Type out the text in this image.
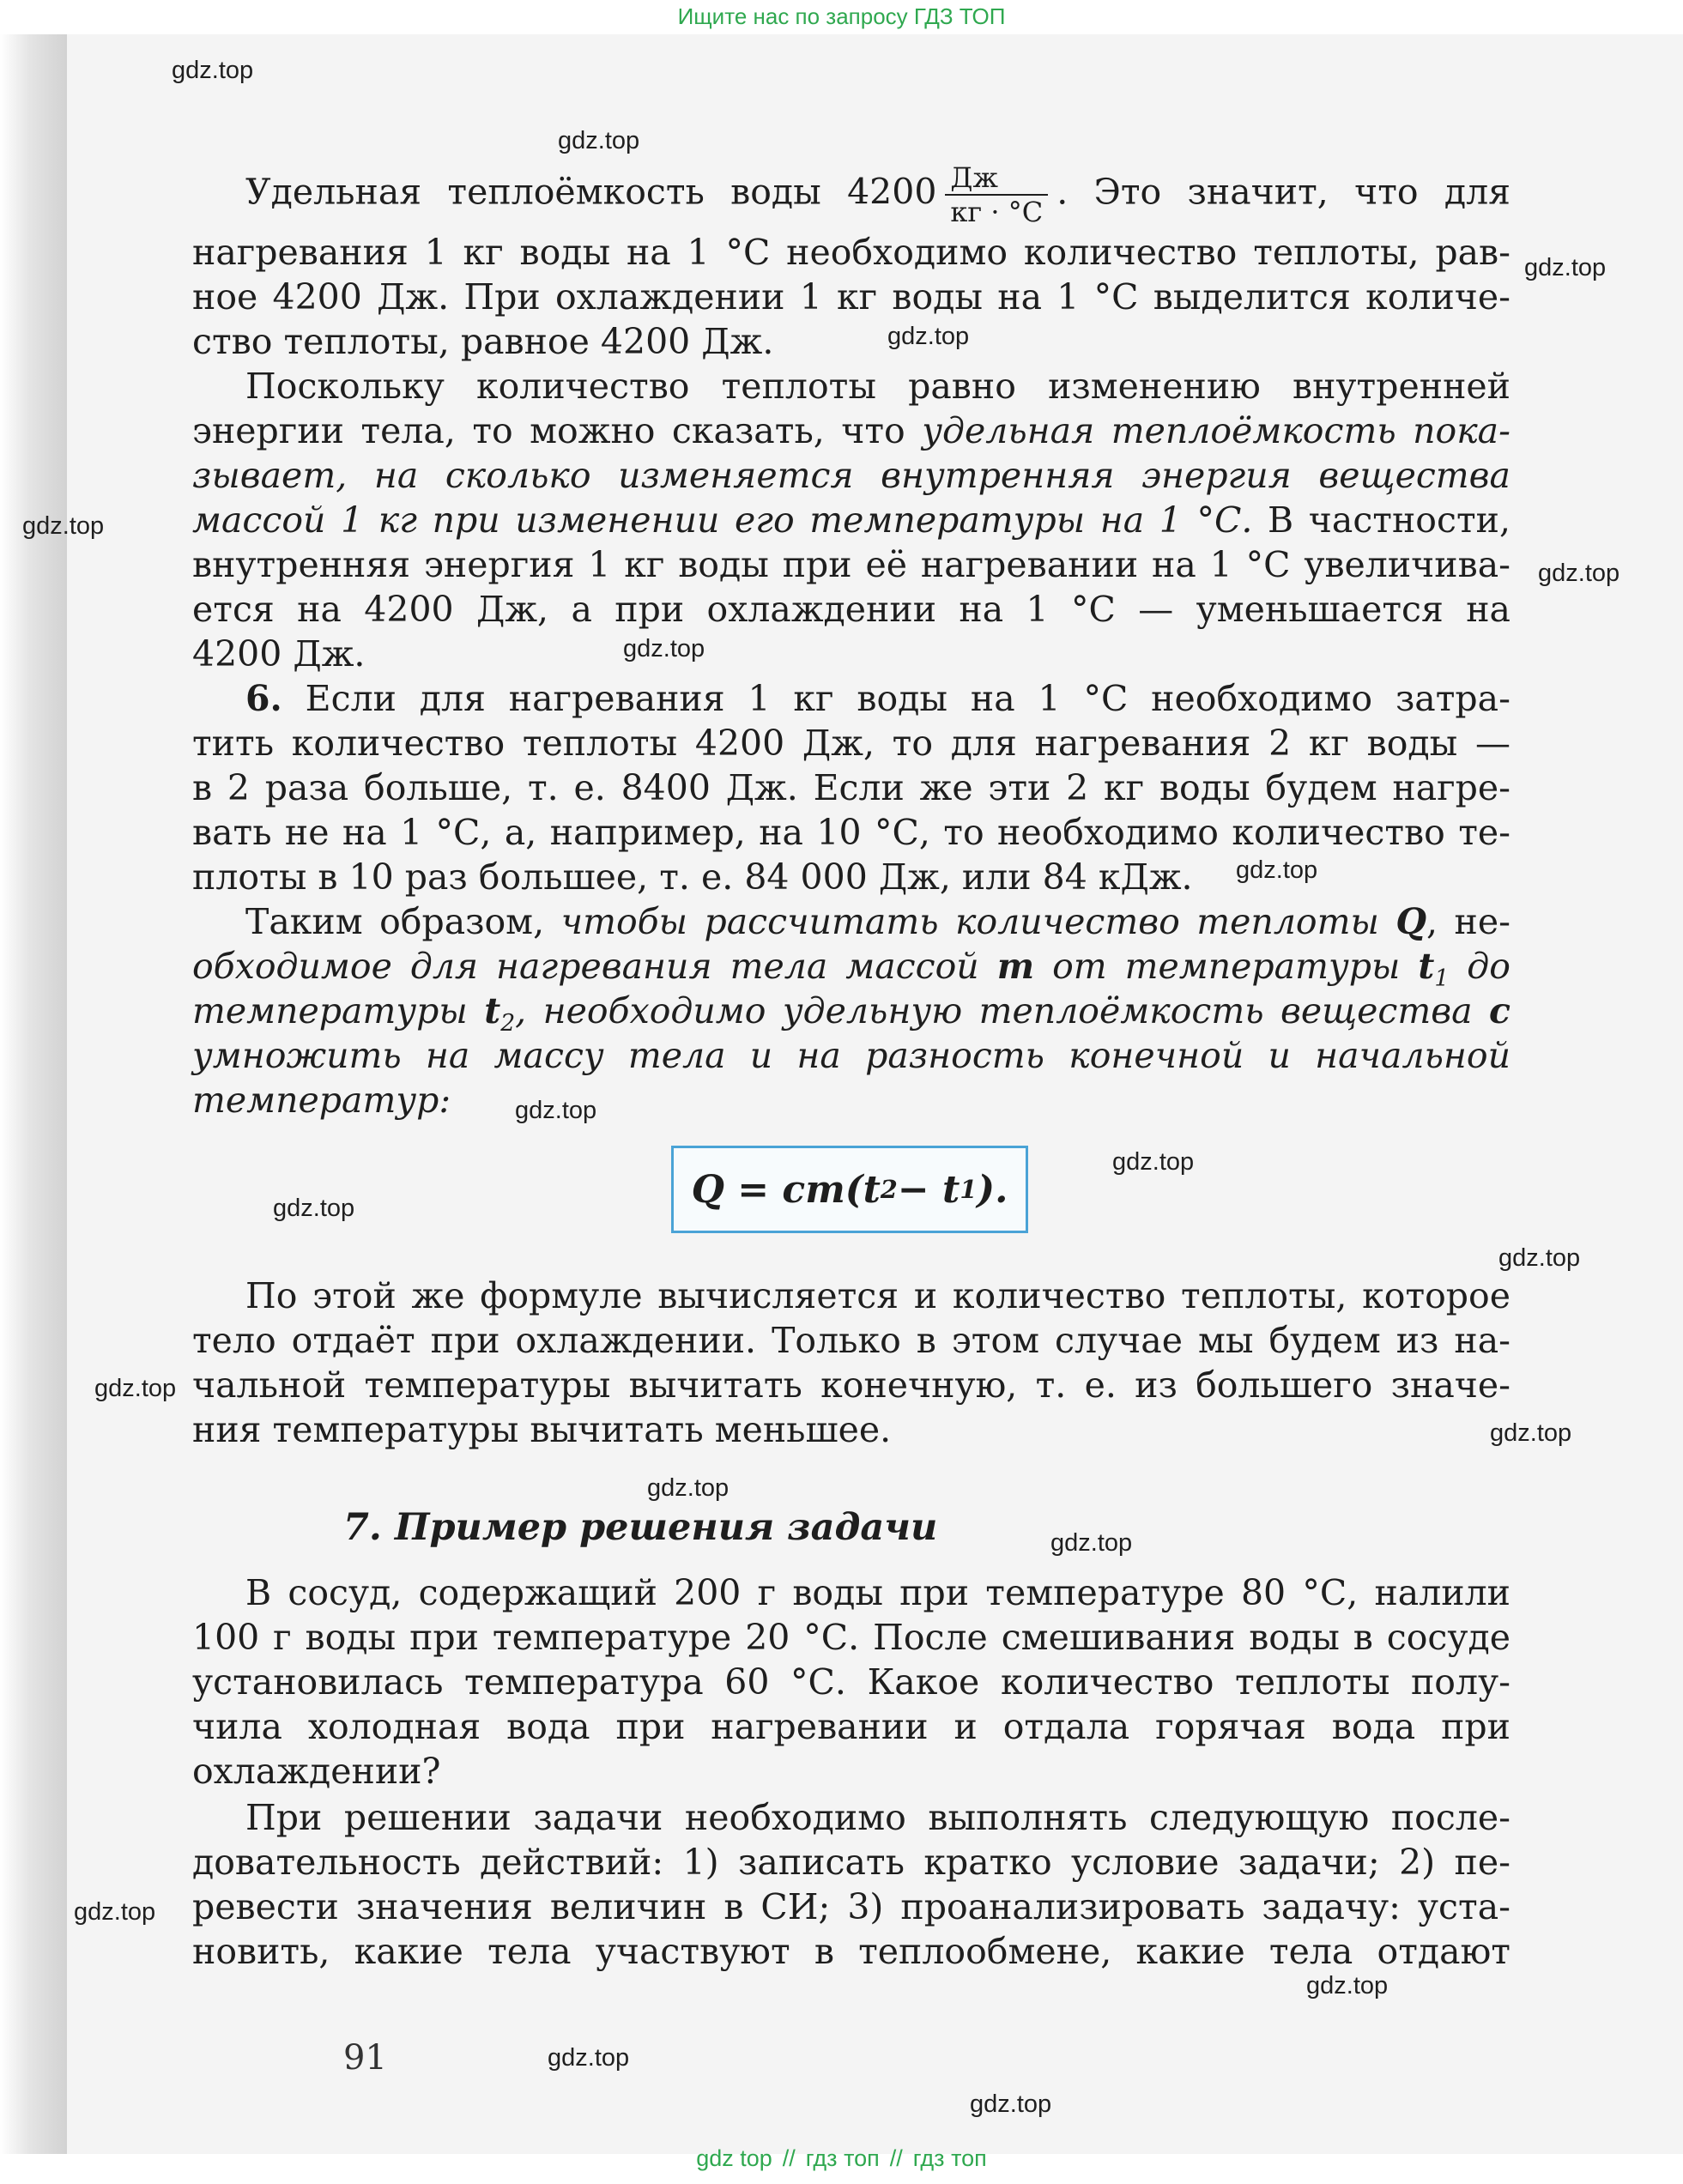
Ищите нас по запросу ГДЗ ТОП
Удельная теплоёмкость воды $4200 \frac{Дж}{кг \cdot ^\circ С}$ . Это значит, что для
нагревания 1 кг воды на 1 °С необходимо количество теплоты, рав-
ное 4200 Дж. При охлаждении 1 кг воды на 1 °С выделится количе-
ство теплоты, равное 4200 Дж.
Поскольку количество теплоты равно изменению внутренней
энергии тела, то можно сказать, что удельная теплоёмкость пока-
зывает, на сколько изменяется внутренняя энергия вещества
массой 1 кг при изменении его температуры на 1 °С. В частности,
внутренняя энергия 1 кг воды при её нагревании на 1 °С увеличива-
ется на 4200 Дж, а при охлаждении на 1 °С — уменьшается на
4200 Дж.
6. Если для нагревания 1 кг воды на 1 °С необходимо затра-
тить количество теплоты 4200 Дж, то для нагревания 2 кг воды —
в 2 раза больше, т. е. 8400 Дж. Если же эти 2 кг воды будем нагре-
вать не на 1 °С, а, например, на 10 °С, то необходимо количество те-
плоты в 10 раз большее, т. е. 84 000 Дж, или 84 кДж.
Таким образом, чтобы рассчитать количество теплоты Q, не-
обходимое для нагревания тела массой m от температуры $t_1$ до
температуры $t_2$, необходимо удельную теплоёмкость вещества c
умножить на массу тела и на разность конечной и начальной
температур:
Q = cm(t 2 − t 1 ).
По этой же формуле вычисляется и количество теплоты, которое
тело отдаёт при охлаждении. Только в этом случае мы будем из на-
чальной температуры вычитать конечную, т. е. из большего значе-
ния температуры вычитать меньшее.
7. Пример решения задачи
В сосуд, содержащий 200 г воды при температуре 80 °С, налили
100 г воды при температуре 20 °С. После смешивания воды в сосуде
установилась температура 60 °С. Какое количество теплоты полу-
чила холодная вода при нагревании и отдала горячая вода при
охлаждении?
При решении задачи необходимо выполнять следующую после-
довательность действий: 1) записать кратко условие задачи; 2) пе-
ревести значения величин в СИ; 3) проанализировать задачу: уста-
новить, какие тела участвуют в теплообмене, какие тела отдают
91
gdz.top
gdz.top
gdz.top
gdz.top
gdz.top
gdz.top
gdz.top
gdz.top
gdz.top
gdz.top
gdz.top
gdz.top
gdz.top
gdz.top
gdz.top
gdz.top
gdz.top
gdz.top
gdz.top
gdz.top
gdz top // гдз топ // гдз топ
